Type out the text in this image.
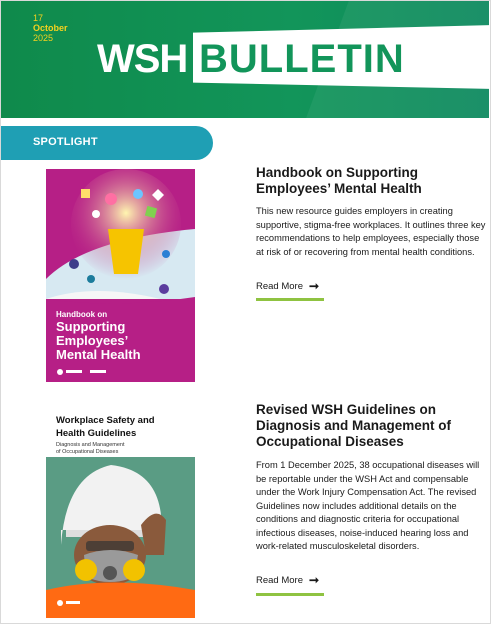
17
October
2025	WSH BULLETIN
SPOTLIGHT
Handbook on
Supporting
Employees’
Mental Health
Handbook on Supporting
Employees’ Mental Health
This new resource guides employers in creating supportive, stigma-free workplaces. It outlines three key recommendations to help employees, especially those at risk of or recovering from mental health conditions.
Read More ➞
Workplace Safety and
Health Guidelines
Diagnosis and Management
of Occupational Diseases
Revised WSH Guidelines on
Diagnosis and Management of
Occupational Diseases
From 1 December 2025, 38 occupational diseases will be reportable under the WSH Act and compensable under the Work Injury Compensation Act. The revised Guidelines now includes additional details on the conditions and diagnostic criteria for occupational infectious diseases, noise-induced hearing loss and work-related musculoskeletal disorders.
Read More ➞
